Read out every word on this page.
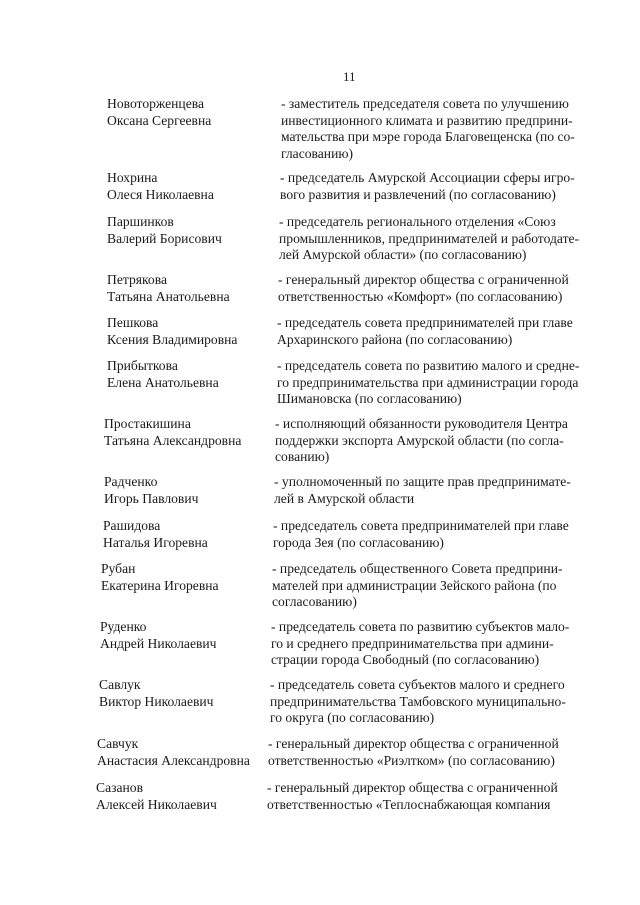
11
Новоторженцева
Оксана Сергеевна
- заместитель председателя совета по улучшению
инвестиционного климата и развитию предприни-
мательства при мэре города Благовещенска (по со-
гласованию)
Нохрина
Олеся Николаевна
- председатель Амурской Ассоциации сферы игро-
вого развития и развлечений (по согласованию)
Паршинков
Валерий Борисович
- председатель регионального отделения «Союз
промышленников, предпринимателей и работодате-
лей Амурской области» (по согласованию)
Петрякова
Татьяна Анатольевна
- генеральный директор общества с ограниченной
ответственностью «Комфорт» (по согласованию)
Пешкова
Ксения Владимировна
- председатель совета предпринимателей при главе
Архаринского района (по согласованию)
Прибыткова
Елена Анатольевна
- председатель совета по развитию малого и средне-
го предпринимательства при администрации города
Шимановска (по согласованию)
Простакишина
Татьяна Александровна
- исполняющий обязанности руководителя Центра
поддержки экспорта Амурской области (по согла-
сованию)
Радченко
Игорь Павлович
- уполномоченный по защите прав предпринимате-
лей в Амурской области
Рашидова
Наталья Игоревна
- председатель совета предпринимателей при главе
города Зея (по согласованию)
Рубан
Екатерина Игоревна
- председатель общественного Совета предприни-
мателей при администрации Зейского района (по
согласованию)
Руденко
Андрей Николаевич
- председатель совета по развитию субъектов мало-
го и среднего предпринимательства при админи-
страции города Свободный (по согласованию)
Савлук
Виктор Николаевич
- председатель совета субъектов малого и среднего
предпринимательства Тамбовского муниципально-
го округа (по согласованию)
Савчук
Анастасия Александровна
- генеральный директор общества с ограниченной
ответственностью «Риэлтком» (по согласованию)
Сазанов
Алексей Николаевич
- генеральный директор общества с ограниченной
ответственностью «Теплоснабжающая компания
